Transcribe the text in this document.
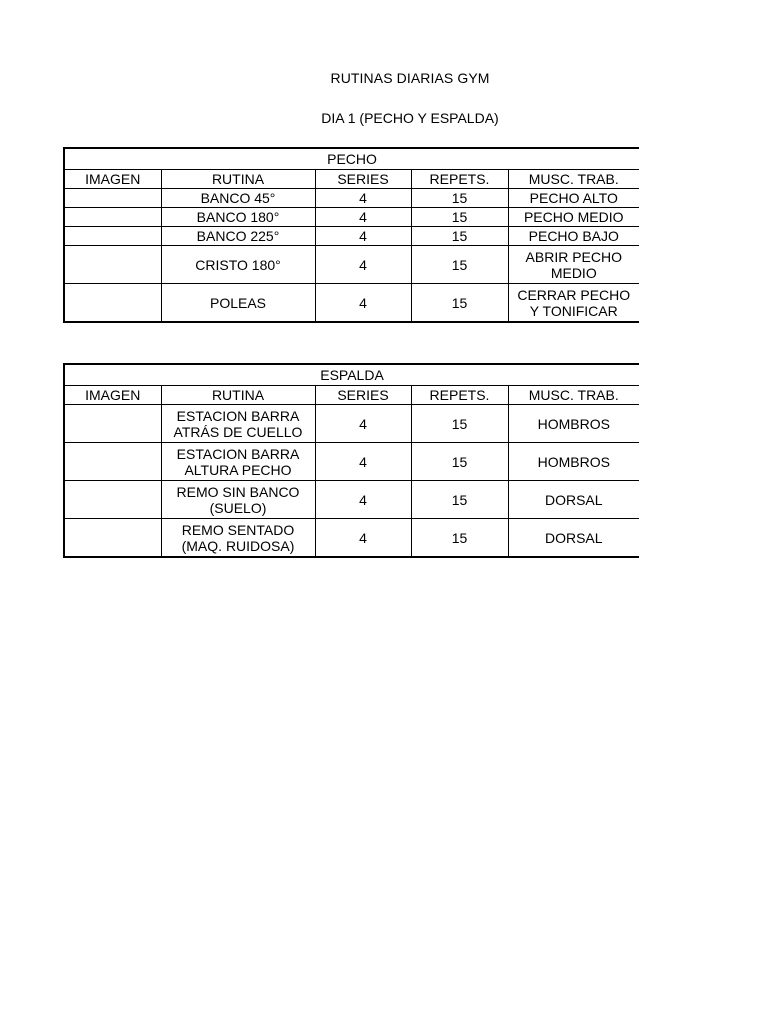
RUTINAS DIARIAS GYM
DIA 1 (PECHO Y ESPALDA)
PECHO				
IMAGEN	RUTINA	SERIES	REPETS.	MUSC. TRAB.
	BANCO 45°	4	15	PECHO ALTO
	BANCO 180°	4	15	PECHO MEDIO
	BANCO 225°	4	15	PECHO BAJO
	CRISTO 180°	4	15	ABRIR PECHO
MEDIO
	POLEAS	4	15	CERRAR PECHO
Y TONIFICAR
ESPALDA				
IMAGEN	RUTINA	SERIES	REPETS.	MUSC. TRAB.
	ESTACION BARRA
ATRÁS DE CUELLO	4	15	HOMBROS
	ESTACION BARRA
ALTURA PECHO	4	15	HOMBROS
	REMO SIN BANCO
(SUELO)	4	15	DORSAL
	REMO SENTADO
(MAQ. RUIDOSA)	4	15	DORSAL
